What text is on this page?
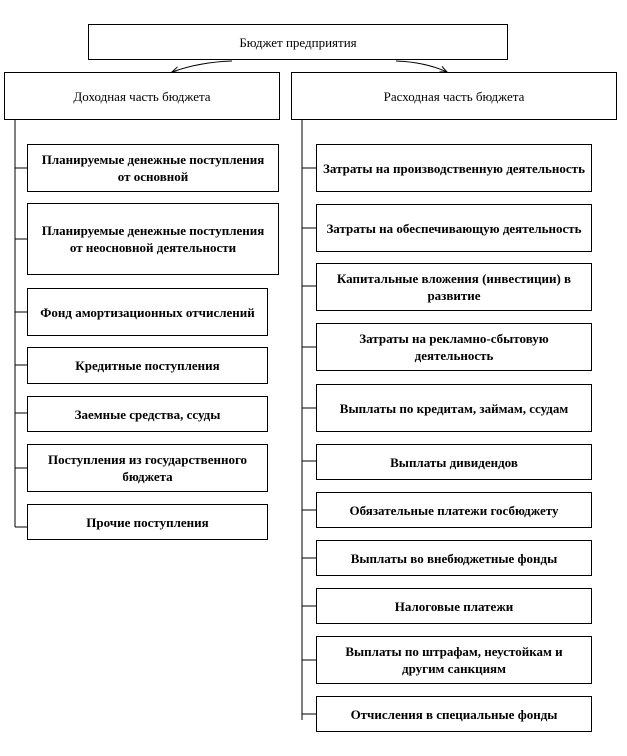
Бюджет предприятия
Доходная часть бюджета	Расходная часть бюджета
Планируемые денежные поступления от основной
Планируемые денежные поступления от неосновной деятельности
Фонд амортизационных отчислений
Кредитные поступления
Заемные средства, ссуды
Поступления из государственного бюджета
Прочие поступления
Затраты на производственную деятельность
Затраты на обеспечивающую деятельность
Капитальные вложения (инвестиции) в развитие
Затраты на рекламно-сбытовую деятельность
Выплаты по кредитам, займам, ссудам
Выплаты дивидендов
Обязательные платежи госбюджету
Выплаты во внебюджетные фонды
Налоговые платежи
Выплаты по штрафам, неустойкам и другим санкциям
Отчисления в специальные фонды
